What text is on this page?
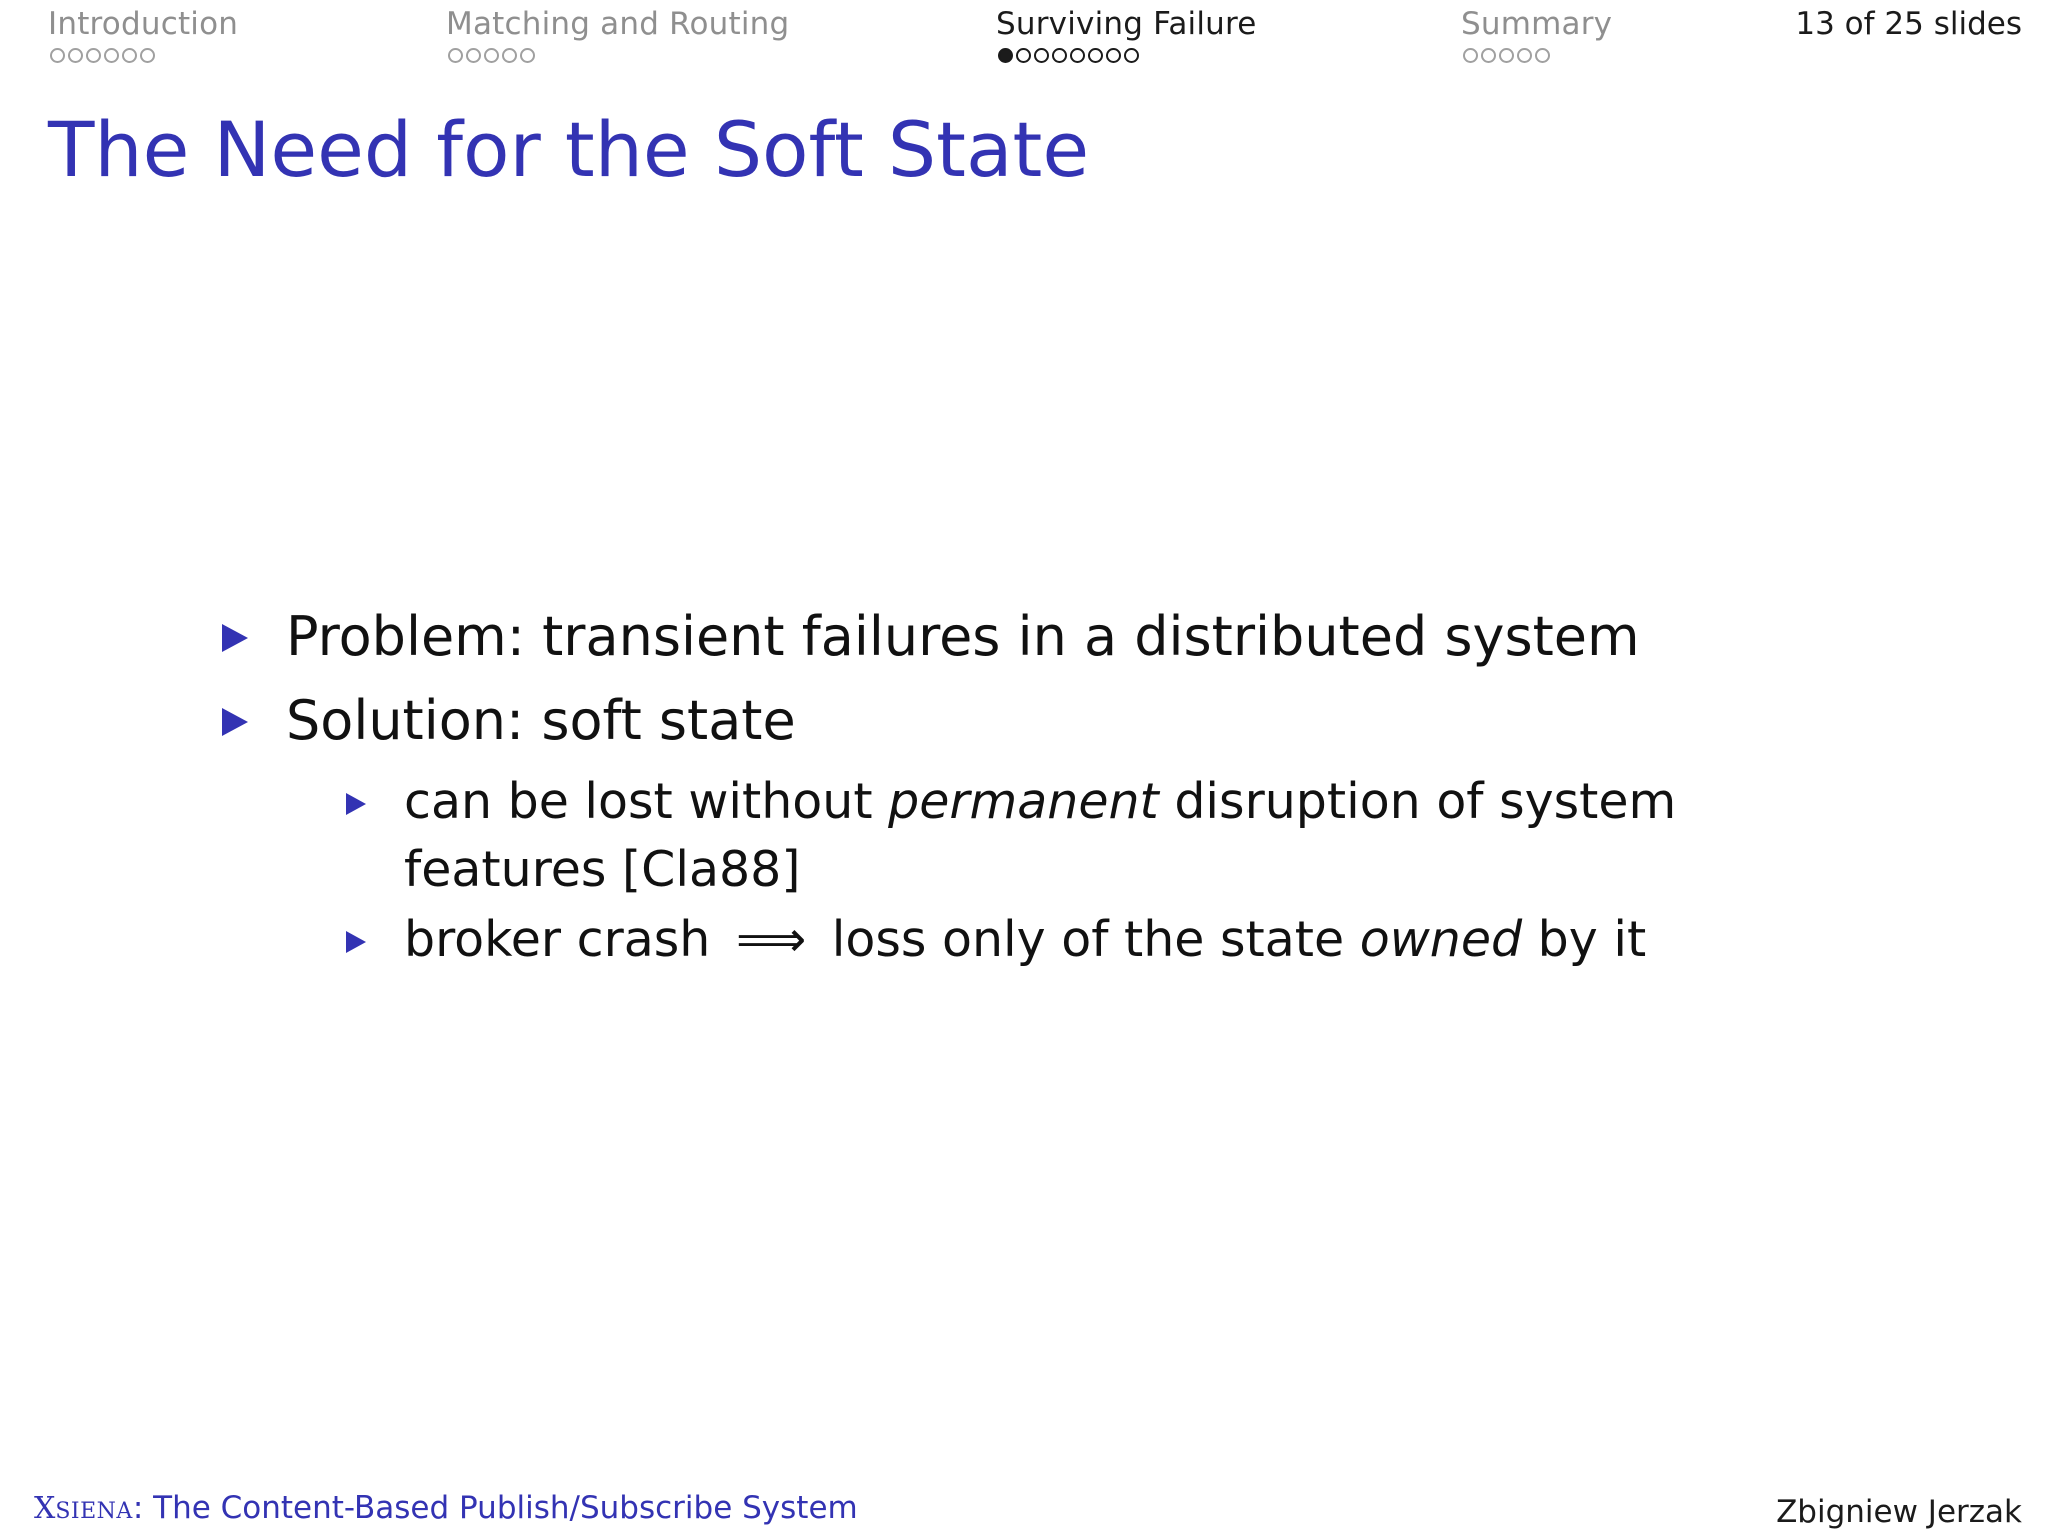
Introduction	Matching and Routing	Surviving Failure	Summary	13 of 25 slides
The Need for the Soft State
Problem: transient failures in a distributed system
Solution: soft state
can be lost without permanent disruption of system features [Cla88]
broker crash ⟹ loss only of the state owned by it
XSIENA: The Content-Based Publish/Subscribe System	Zbigniew Jerzak
